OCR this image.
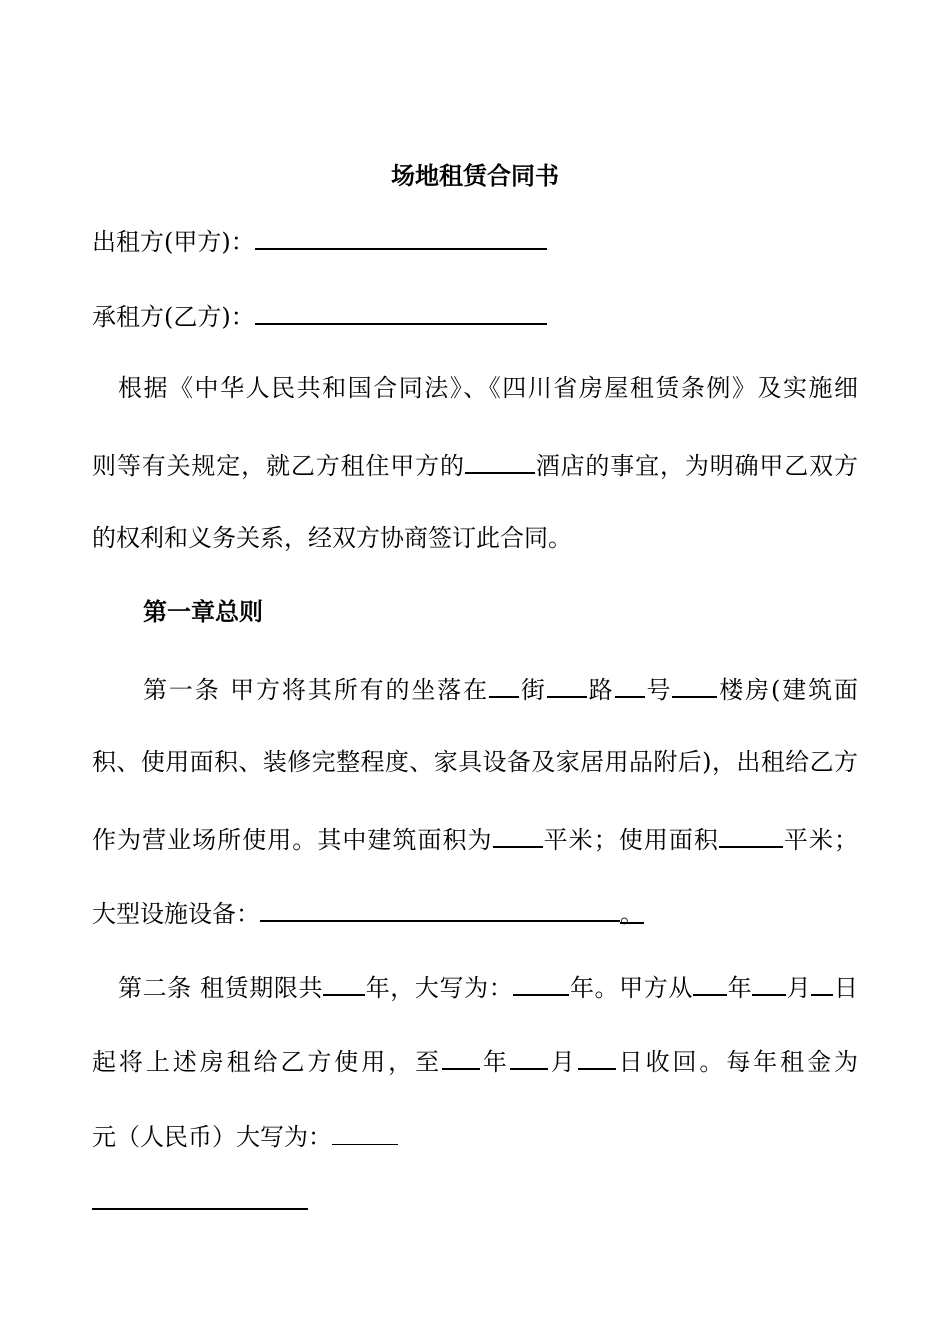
场地租赁合同书
出租方(甲方)：
承租方(乙方)：
根据《中华人民共和国合同法》、《四川省房屋租赁条例》及实施细
则等有关规定，就乙方租住甲方的	酒店的事宜，为明确甲乙双方
的权利和义务关系，经双方协商签订此合同。
第一章总则
第一条 甲方将其所有的坐落在 街 路 号 楼房(建筑面
积、使用面积、装修完整程度、家具设备及家居用品附后)，出租给乙方
作为营业场所使用。其中建筑面积为 平米；使用面积	平米；
大型设施设备：	。
第二条 租赁期限共 年，大写为： 年。甲方从 年 月 日
起将上述房租给乙方使用，至 年 月 日收回。每年租金为
元（人民币）大写为：
